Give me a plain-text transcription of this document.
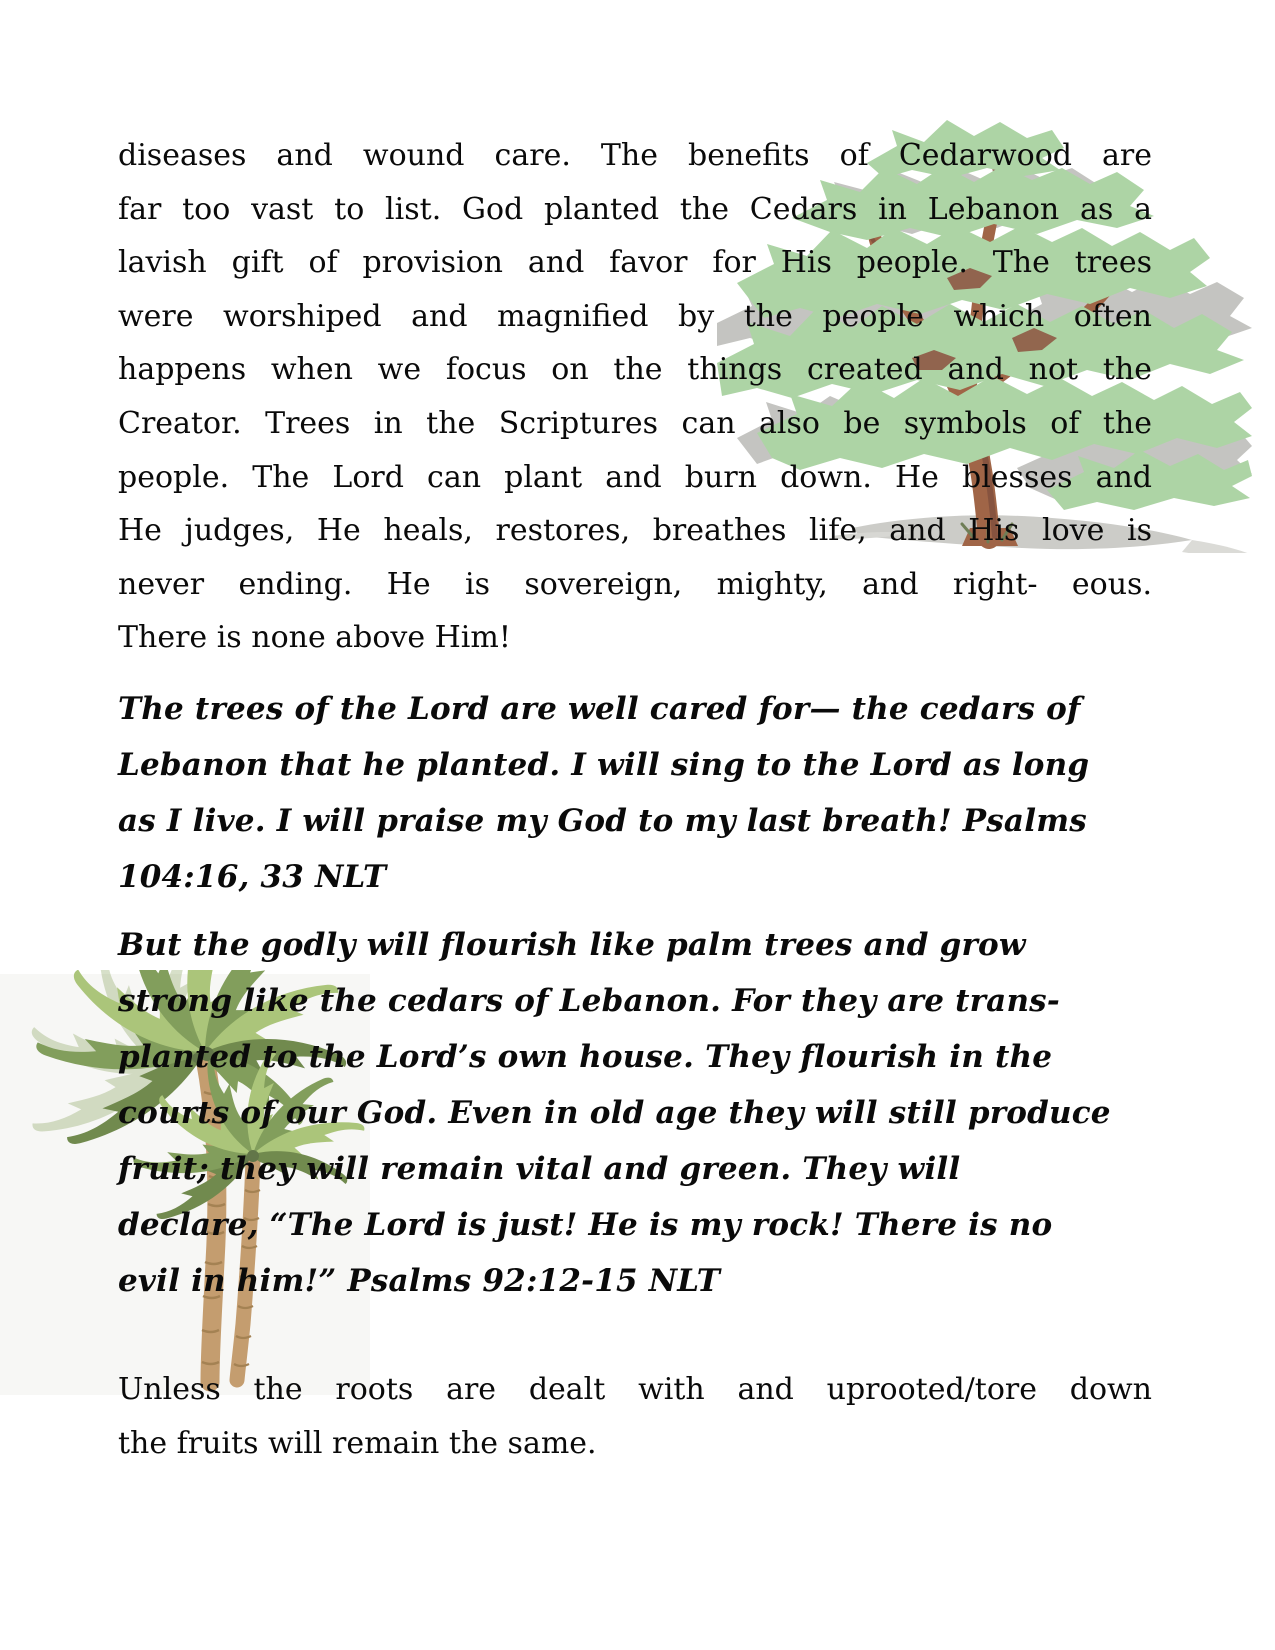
diseases and wound care. The benefits of Cedarwood are
far too vast to list. God planted the Cedars in Lebanon as a
lavish gift of provision and favor for His people. The trees
were worshiped and magnified by the people which often
happens when we focus on the things created and not the
Creator. Trees in the Scriptures can also be symbols of the
people. The Lord can plant and burn down. He blesses and
He judges, He heals, restores, breathes life, and His love is
never ending. He is sovereign, mighty, and right- eous.
There is none above Him!
The trees of the Lord are well cared for— the cedars of
Lebanon that he planted. I will sing to the Lord as long
as I live. I will praise my God to my last breath! Psalms
104:16, 33 NLT
But the godly will flourish like palm trees and grow
strong like the cedars of Lebanon. For they are trans-
planted to the Lord’s own house. They flourish in the
courts of our God. Even in old age they will still produce
fruit; they will remain vital and green. They will
declare, “The Lord is just! He is my rock! There is no
evil in him!” Psalms 92:12-15 NLT
Unless the roots are dealt with and uprooted/tore down
the fruits will remain the same.
